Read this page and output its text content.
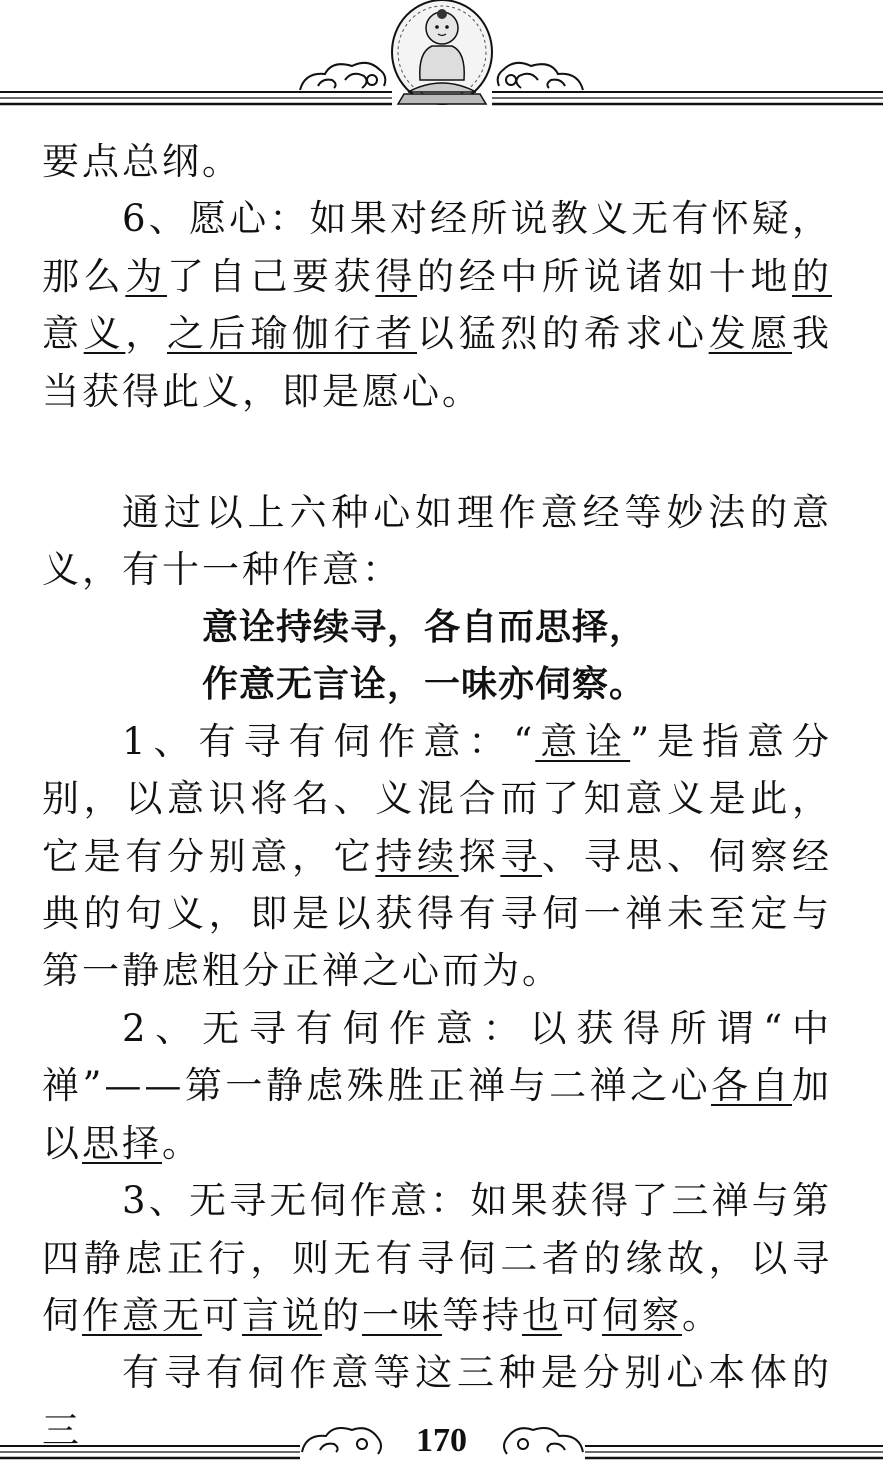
要点总纲。

6、愿心：如果对经所说教义无有怀疑，那么为了自己要获得的经中所说诸如十地的意义，之后瑜伽行者以猛烈的希求心发愿我当获得此义，即是愿心。

通过以上六种心如理作意经等妙法的意义，有十一种作意：

意诠持续寻，各自而思择，

作意无言诠，一味亦伺察。

1、有寻有伺作意：“意诠”是指意分别，以意识将名、义混合而了知意义是此，它是有分别意，它持续探寻、寻思、伺察经典的句义，即是以获得有寻伺一禅未至定与第一静虑粗分正禅之心而为。

2、无寻有伺作意：以获得所谓“中禅”——第一静虑殊胜正禅与二禅之心各自加以思择。

3、无寻无伺作意：如果获得了三禅与第四静虑正行，则无有寻伺二者的缘故，以寻伺作意无可言说的一味等持也可伺察。

有寻有伺作意等这三种是分别心本体的三	170
